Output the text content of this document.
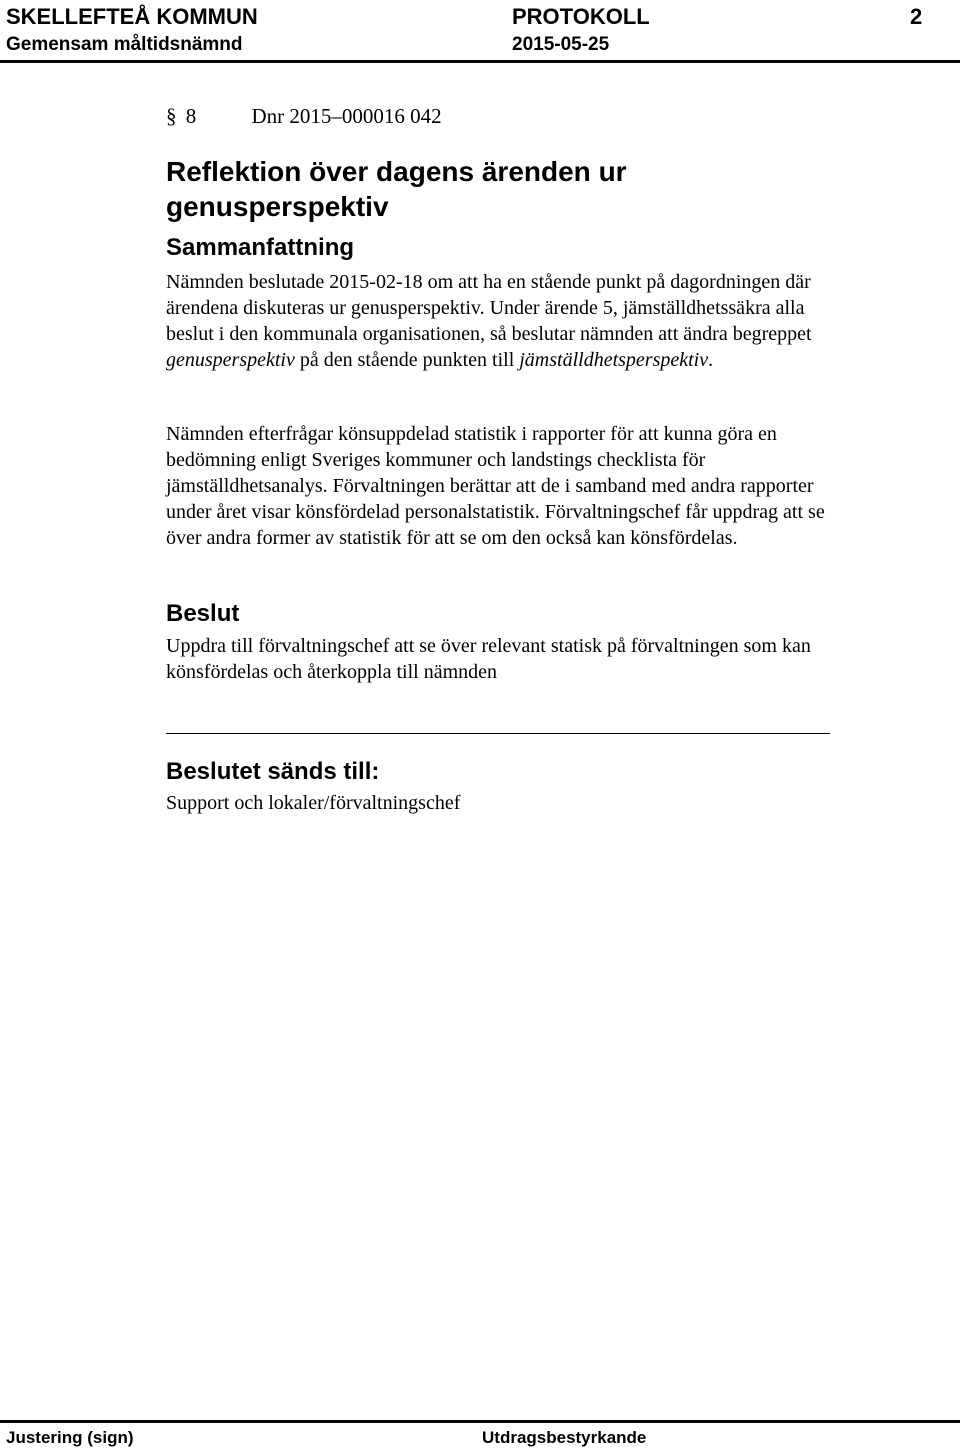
SKELLEFTEÅ KOMMUN
Gemensam måltidsnämnd
PROTOKOLL
2015-05-25
2
§ 8	Dnr 2015–000016 042
Reflektion över dagens ärenden ur genusperspektiv
Sammanfattning

Nämnden beslutade 2015-02-18 om att ha en stående punkt på dagordningen där ärendena diskuteras ur genusperspektiv. Under ärende 5, jämställdhetssäkra alla beslut i den kommunala organisationen, så beslutar nämnden att ändra begreppet genusperspektiv på den stående punkten till jämställdhetsperspektiv.

Nämnden efterfrågar könsuppdelad statistik i rapporter för att kunna göra en bedömning enligt Sveriges kommuner och landstings checklista för jämställdhetsanalys. Förvaltningen berättar att de i samband med andra rapporter under året visar könsfördelad personalstatistik. Förvaltningschef får uppdrag att se över andra former av statistik för att se om den också kan könsfördelas.

Beslut

Uppdra till förvaltningschef att se över relevant statisk på förvaltningen som kan könsfördelas och återkoppla till nämnden

Beslutet sänds till:

Support och lokaler/förvaltningschef

Justering (sign)	Utdragsbestyrkande
